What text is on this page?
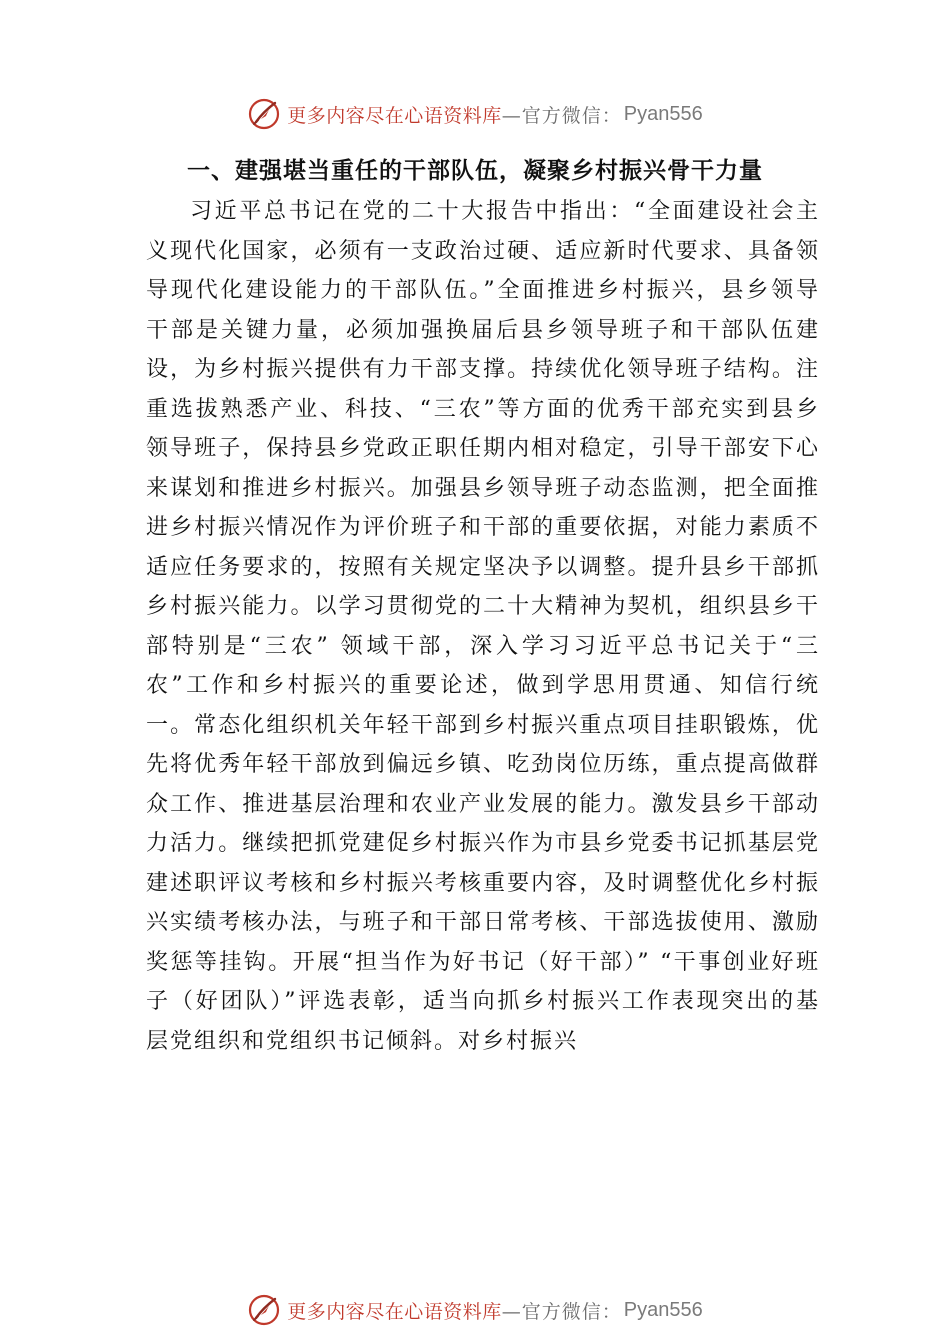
更多内容尽在心语资料库 —官方微信： Pyan556
一、建强堪当重任的干部队伍，凝聚乡村振兴骨干力量

习近平总书记在党的二十大报告中指出：“全面建设社会主义现代化国家，必须有一支政治过硬、适应新时代要求、具备领导现代化建设能力的干部队伍。”全面推进乡村振兴，县乡领导干部是关键力量，必须加强换届后县乡领导班子和干部队伍建设，为乡村振兴提供有力干部支撑。持续优化领导班子结构。注重选拔熟悉产业、科技、“三农”等方面的优秀干部充实到县乡领导班子，保持县乡党政正职任期内相对稳定，引导干部安下心来谋划和推进乡村振兴。加强县乡领导班子动态监测，把全面推进乡村振兴情况作为评价班子和干部的重要依据，对能力素质不适应任务要求的，按照有关规定坚决予以调整。提升县乡干部抓乡村振兴能力。以学习贯彻党的二十大精神为契机，组织县乡干部特别是“三农” 领域干部，深入学习习近平总书记关于“三农”工作和乡村振兴的重要论述，做到学思用贯通、知信行统一。常态化组织机关年轻干部到乡村振兴重点项目挂职锻炼，优先将优秀年轻干部放到偏远乡镇、吃劲岗位历练，重点提高做群众工作、推进基层治理和农业产业发展的能力。激发县乡干部动力活力。继续把抓党建促乡村振兴作为市县乡党委书记抓基层党建述职评议考核和乡村振兴考核重要内容，及时调整优化乡村振兴实绩考核办法，与班子和干部日常考核、干部选拔使用、激励奖惩等挂钩。开展“担当作为好书记（好干部）” “干事创业好班子（好团队）”评选表彰，适当向抓乡村振兴工作表现突出的基层党组织和党组织书记倾斜。对乡村振兴

更多内容尽在心语资料库 —官方微信： Pyan556
